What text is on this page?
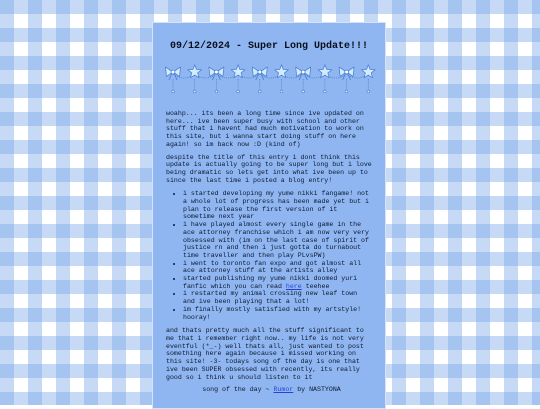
09/12/2024 - Super Long Update!!!
woahp... its been a long time since ive updated on
here... ive been super busy with school and other
stuff that i havent had much motivation to work on
this site, but i wanna start doing stuff on here
again! so im back now :D (kind of)
despite the title of this entry i dont think this
update is actually going to be super long but i love
being dramatic so lets get into what ive been up to
since the last time i posted a blog entry!
• i started developing my yume nikki fangame! not
a whole lot of progress has been made yet but i
plan to release the first version of it
sometime next year
• i have played almost every single game in the
ace attorney franchise which i am now very very
obsessed with (im on the last case of spirit of
justice rn and then i just gotta do turnabout
time traveller and then play PLvsPW)
• i went to toronto fan expo and got almost all
ace attorney stuff at the artists alley
• started publishing my yume nikki doomed yuri
fanfic which you can read here teehee
• i restarted my animal crossing new leaf town
and ive been playing that a lot!
• im finally mostly satisfied with my artstyle!
hooray!
and thats pretty much all the stuff significant to
me that i remember right now.. my life is not very
eventful (*_-) well thats all, just wanted to post
something here again because i missed working on
this site! -3- todays song of the day is one that
ive been SUPER obsessed with recently, its really
good so i think u should listen to it
song of the day ~ Rumor by NASTYONA
